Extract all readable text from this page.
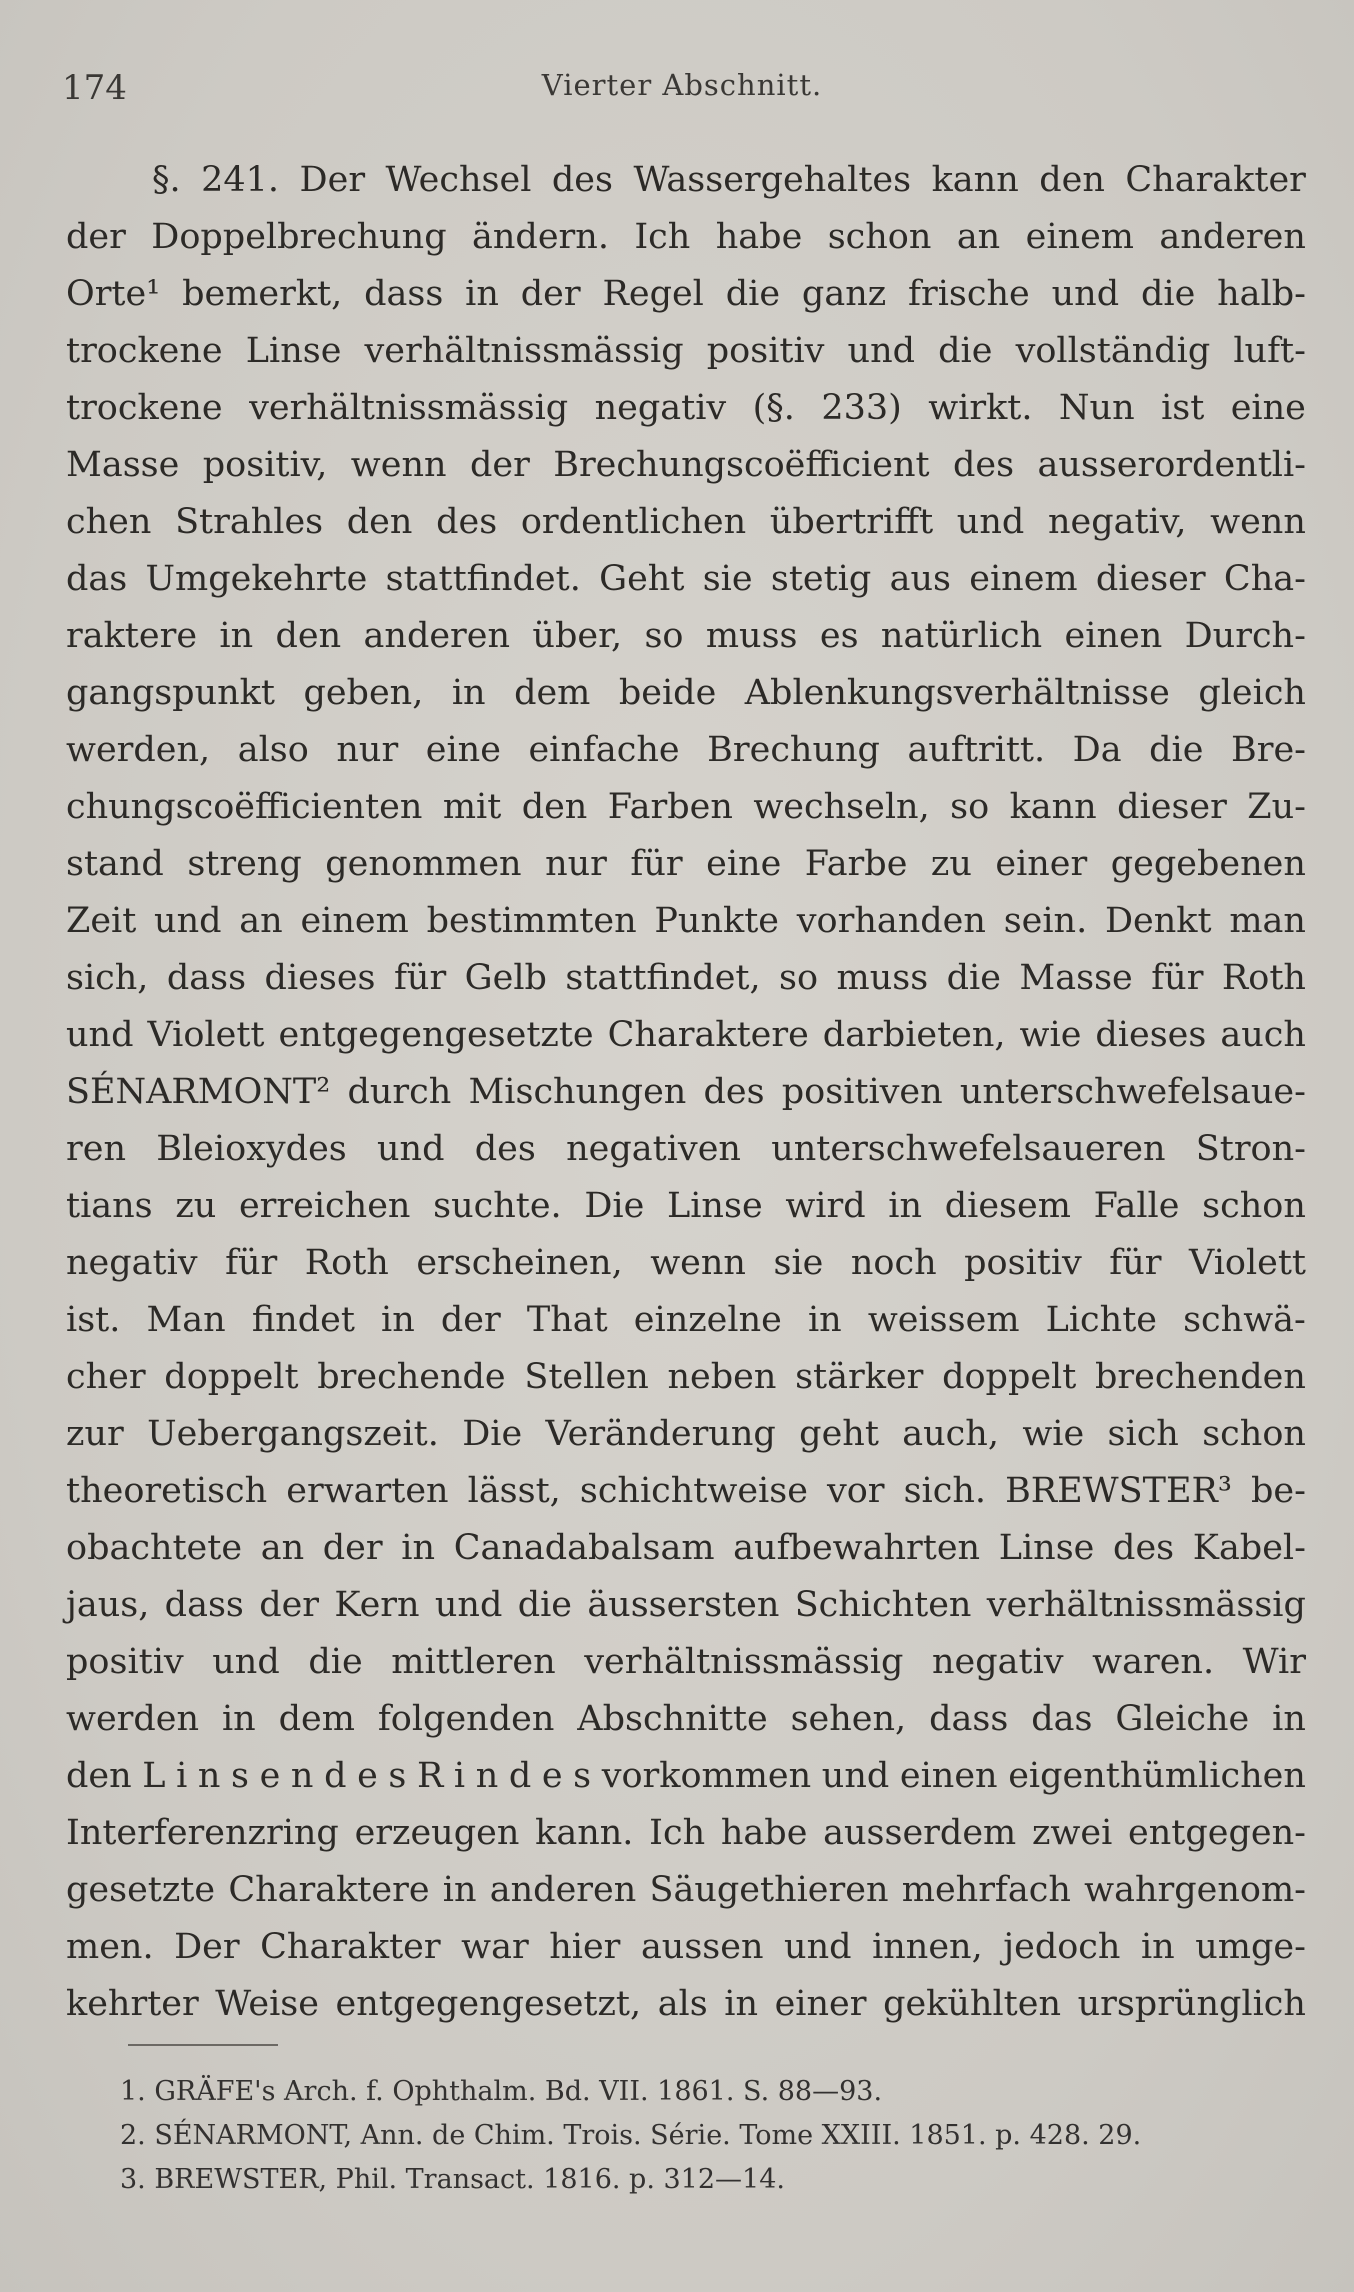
174	Vierter Abschnitt.
§. 241. Der Wechsel des Wassergehaltes kann den Charakter
der Doppelbrechung ändern. Ich habe schon an einem anderen
Orte¹ bemerkt, dass in der Regel die ganz frische und die halb-
trockene Linse verhältnissmässig positiv und die vollständig luft-
trockene verhältnissmässig negativ (§. 233) wirkt. Nun ist eine
Masse positiv, wenn der Brechungscoëfficient des ausserordentli-
chen Strahles den des ordentlichen übertrifft und negativ, wenn
das Umgekehrte stattfindet. Geht sie stetig aus einem dieser Cha-
raktere in den anderen über, so muss es natürlich einen Durch-
gangspunkt geben, in dem beide Ablenkungsverhältnisse gleich
werden, also nur eine einfache Brechung auftritt. Da die Bre-
chungscoëfficienten mit den Farben wechseln, so kann dieser Zu-
stand streng genommen nur für eine Farbe zu einer gegebenen
Zeit und an einem bestimmten Punkte vorhanden sein. Denkt man
sich, dass dieses für Gelb stattfindet, so muss die Masse für Roth
und Violett entgegengesetzte Charaktere darbieten, wie dieses auch
SÉNARMONT² durch Mischungen des positiven unterschwefelsaue-
ren Bleioxydes und des negativen unterschwefelsaueren Stron-
tians zu erreichen suchte. Die Linse wird in diesem Falle schon
negativ für Roth erscheinen, wenn sie noch positiv für Violett
ist. Man findet in der That einzelne in weissem Lichte schwä-
cher doppelt brechende Stellen neben stärker doppelt brechenden
zur Uebergangszeit. Die Veränderung geht auch, wie sich schon
theoretisch erwarten lässt, schichtweise vor sich. BREWSTER³ be-
obachtete an der in Canadabalsam aufbewahrten Linse des Kabel-
jaus, dass der Kern und die äussersten Schichten verhältnissmässig
positiv und die mittleren verhältnissmässig negativ waren. Wir
werden in dem folgenden Abschnitte sehen, dass das Gleiche in
den L i n s e n d e s R i n d e s vorkommen und einen eigenthümlichen
Interferenzring erzeugen kann. Ich habe ausserdem zwei entgegen-
gesetzte Charaktere in anderen Säugethieren mehrfach wahrgenom-
men. Der Charakter war hier aussen und innen, jedoch in umge-
kehrter Weise entgegengesetzt, als in einer gekühlten ursprünglich
1. GRÄFE's Arch. f. Ophthalm. Bd. VII. 1861. S. 88—93.
2. SÉNARMONT, Ann. de Chim. Trois. Série. Tome XXIII. 1851. p. 428. 29.
3. BREWSTER, Phil. Transact. 1816. p. 312—14.
